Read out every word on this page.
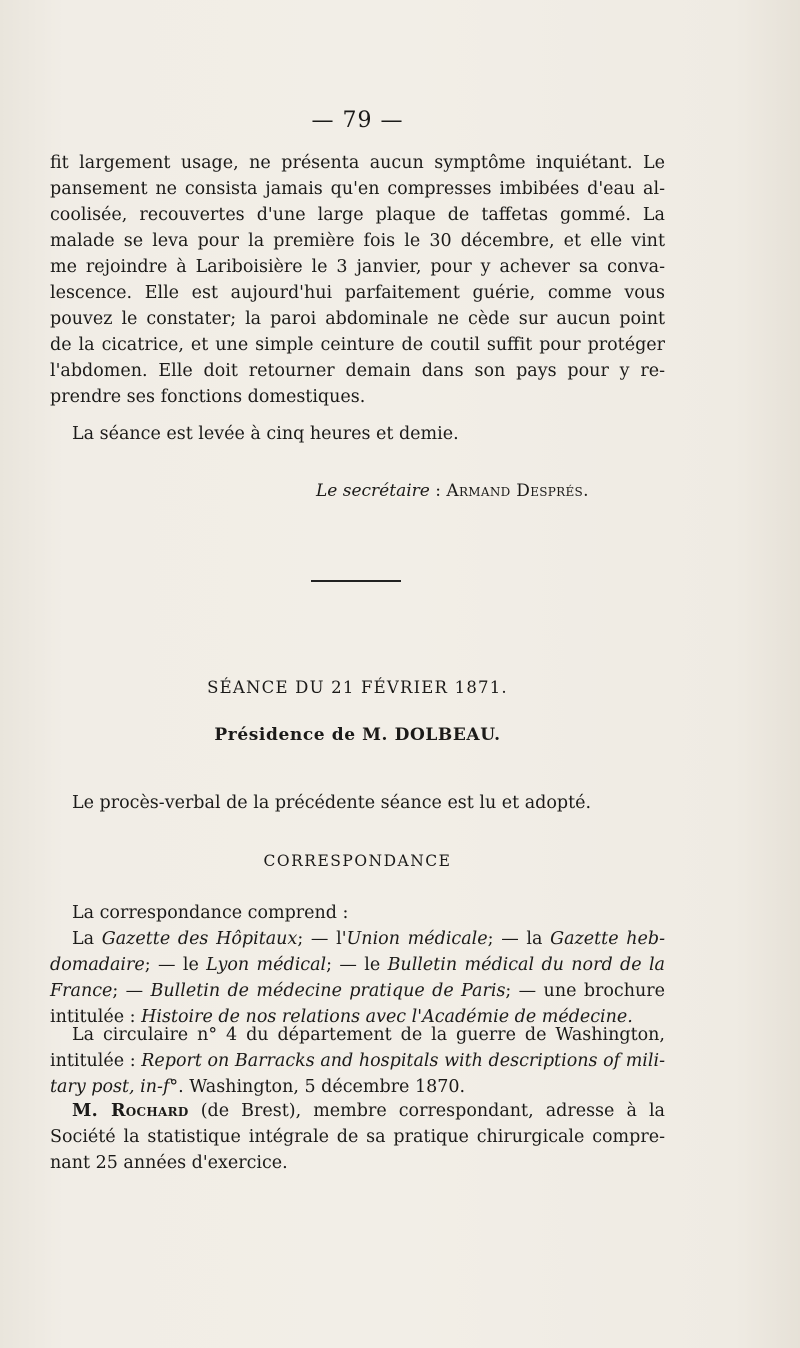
— 79 —
fit largement usage, ne présenta aucun symptôme inquiétant. Le
pansement ne consista jamais qu'en compresses imbibées d'eau al-
coolisée, recouvertes d'une large plaque de taffetas gommé. La
malade se leva pour la première fois le 30 décembre, et elle vint
me rejoindre à Lariboisière le 3 janvier, pour y achever sa conva-
lescence. Elle est aujourd'hui parfaitement guérie, comme vous
pouvez le constater; la paroi abdominale ne cède sur aucun point
de la cicatrice, et une simple ceinture de coutil suffit pour protéger
l'abdomen. Elle doit retourner demain dans son pays pour y re-
prendre ses fonctions domestiques.
La séance est levée à cinq heures et demie.
Le secrétaire : Armand Després.
SÉANCE DU 21 FÉVRIER 1871.
Présidence de M. DOLBEAU.
Le procès-verbal de la précédente séance est lu et adopté.
CORRESPONDANCE
La correspondance comprend :
La Gazette des Hôpitaux; — l'Union médicale; — la Gazette heb-
domadaire; — le Lyon médical; — le Bulletin médical du nord de la
France; — Bulletin de médecine pratique de Paris; — une brochure
intitulée : Histoire de nos relations avec l'Académie de médecine.
La circulaire n° 4 du département de la guerre de Washington,
intitulée : Report on Barracks and hospitals with descriptions of mili-
tary post, in-f°. Washington, 5 décembre 1870.
M. Rochard (de Brest), membre correspondant, adresse à la
Société la statistique intégrale de sa pratique chirurgicale compre-
nant 25 années d'exercice.
